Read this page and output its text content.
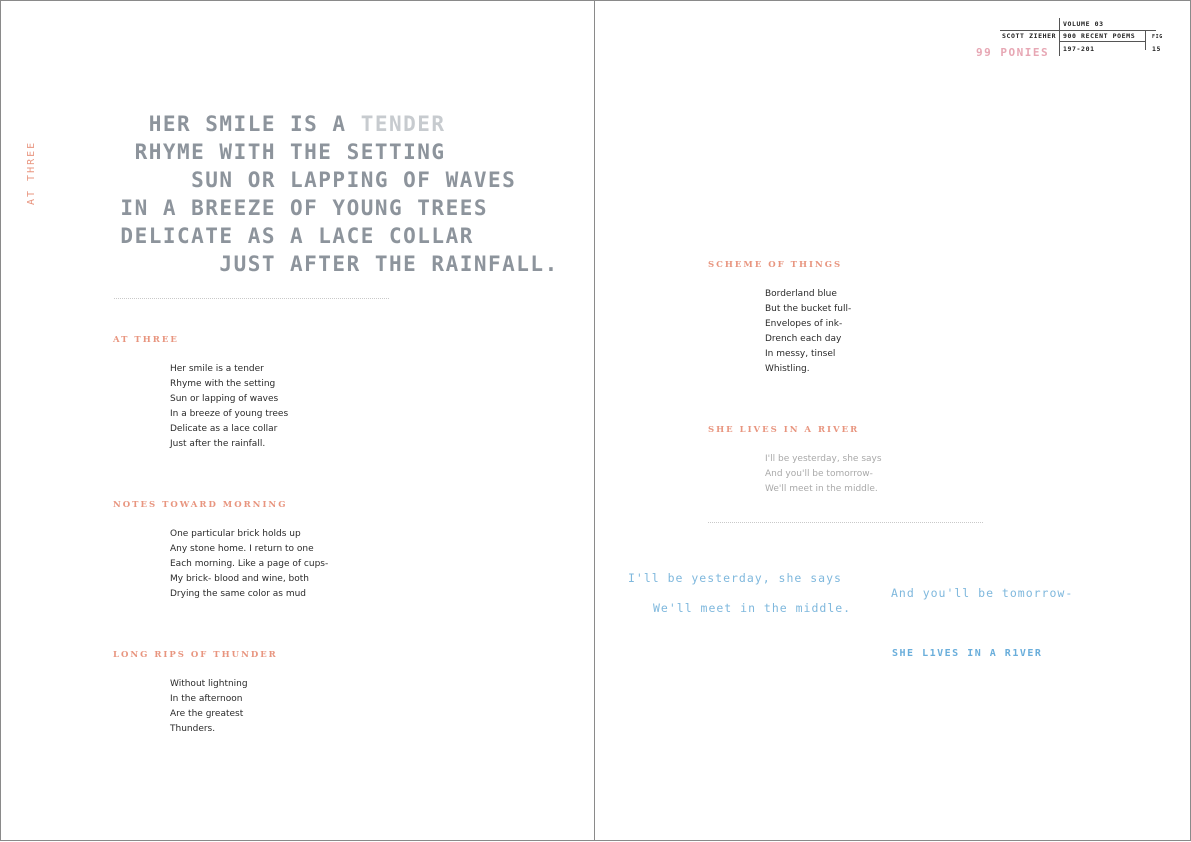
AT THREE
HER SMILE IS A TENDER
RHYME WITH THE SETTING
SUN OR LAPPING OF WAVES
IN A BREEZE OF YOUNG TREES
DELICATE AS A LACE COLLAR
JUST AFTER THE RAINFALL.
AT THREE
Her smile is a tender
Rhyme with the setting
Sun or lapping of waves
In a breeze of young trees
Delicate as a lace collar
Just after the rainfall.
NOTES TOWARD MORNING
One particular brick holds up
Any stone home. I return to one
Each morning. Like a page of cups-
My brick- blood and wine, both
Drying the same color as mud
LONG RIPS OF THUNDER
Without lightning
In the afternoon
Are the greatest
Thunders.
VOLUME 03
SCOTT ZIEHER 900 RECENT POEMS
197-201
FIG
15
99 PONIES
SCHEME OF THINGS
Borderland blue
But the bucket full-
Envelopes of ink-
Drench each day
In messy, tinsel
Whistling.
SHE LIVES IN A RIVER
I'll be yesterday, she says
And you'll be tomorrow-
We'll meet in the middle.
I'll be yesterday, she says
And you'll be tomorrow-
We'll meet in the middle.
SHE L1VES IN A R1VER
